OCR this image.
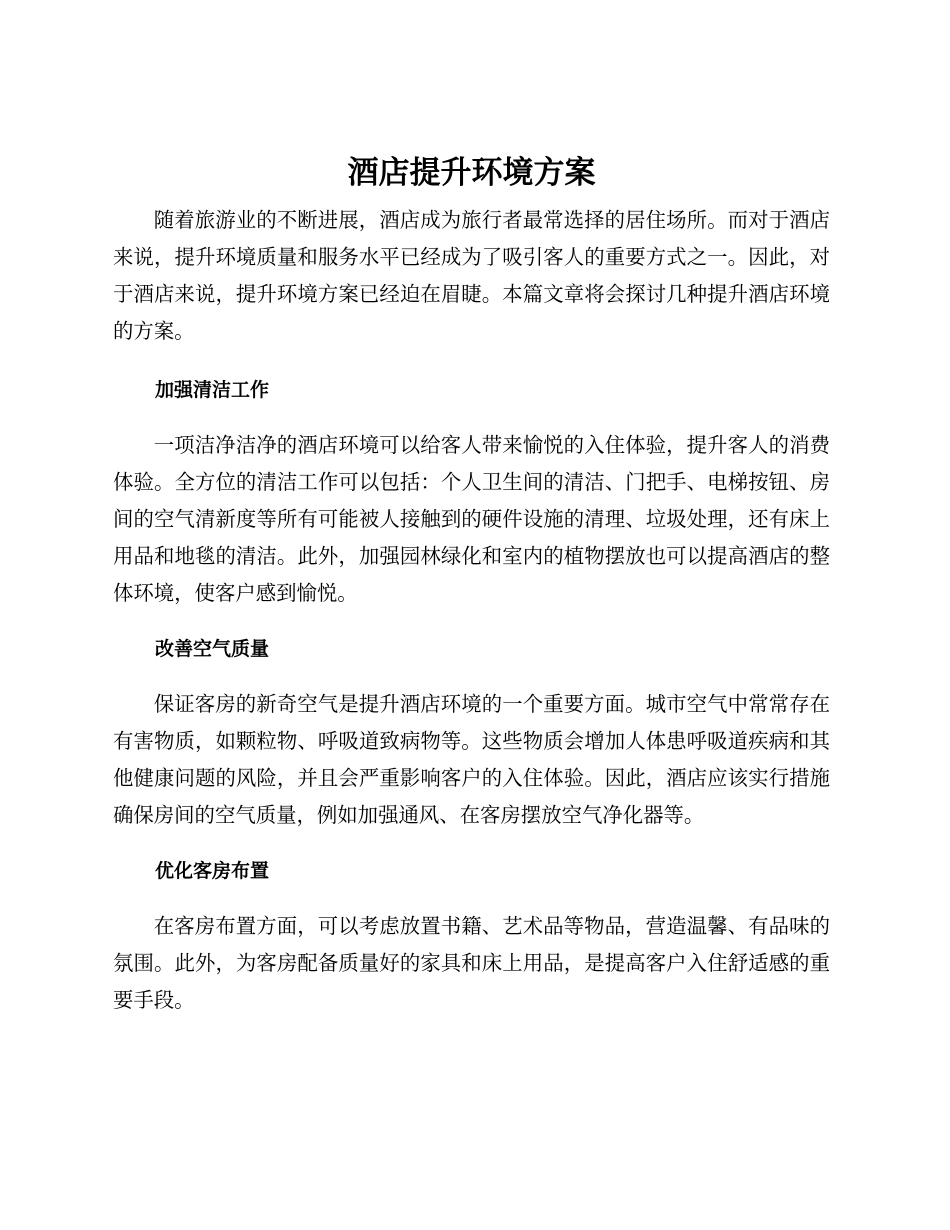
酒店提升环境方案

随着旅游业的不断进展，酒店成为旅行者最常选择的居住场所。而对于酒店来说，提升环境质量和服务水平已经成为了吸引客人的重要方式之一。因此，对于酒店来说，提升环境方案已经迫在眉睫。本篇文章将会探讨几种提升酒店环境的方案。

加强清洁工作

一项洁净洁净的酒店环境可以给客人带来愉悦的入住体验，提升客人的消费体验。全方位的清洁工作可以包括：个人卫生间的清洁、门把手、电梯按钮、房间的空气清新度等所有可能被人接触到的硬件设施的清理、垃圾处理，还有床上用品和地毯的清洁。此外，加强园林绿化和室内的植物摆放也可以提高酒店的整体环境，使客户感到愉悦。

改善空气质量

保证客房的新奇空气是提升酒店环境的一个重要方面。城市空气中常常存在有害物质，如颗粒物、呼吸道致病物等。这些物质会增加人体患呼吸道疾病和其他健康问题的风险，并且会严重影响客户的入住体验。因此，酒店应该实行措施确保房间的空气质量，例如加强通风、在客房摆放空气净化器等。

优化客房布置

在客房布置方面，可以考虑放置书籍、艺术品等物品，营造温馨、有品味的氛围。此外，为客房配备质量好的家具和床上用品，是提高客户入住舒适感的重要手段。
